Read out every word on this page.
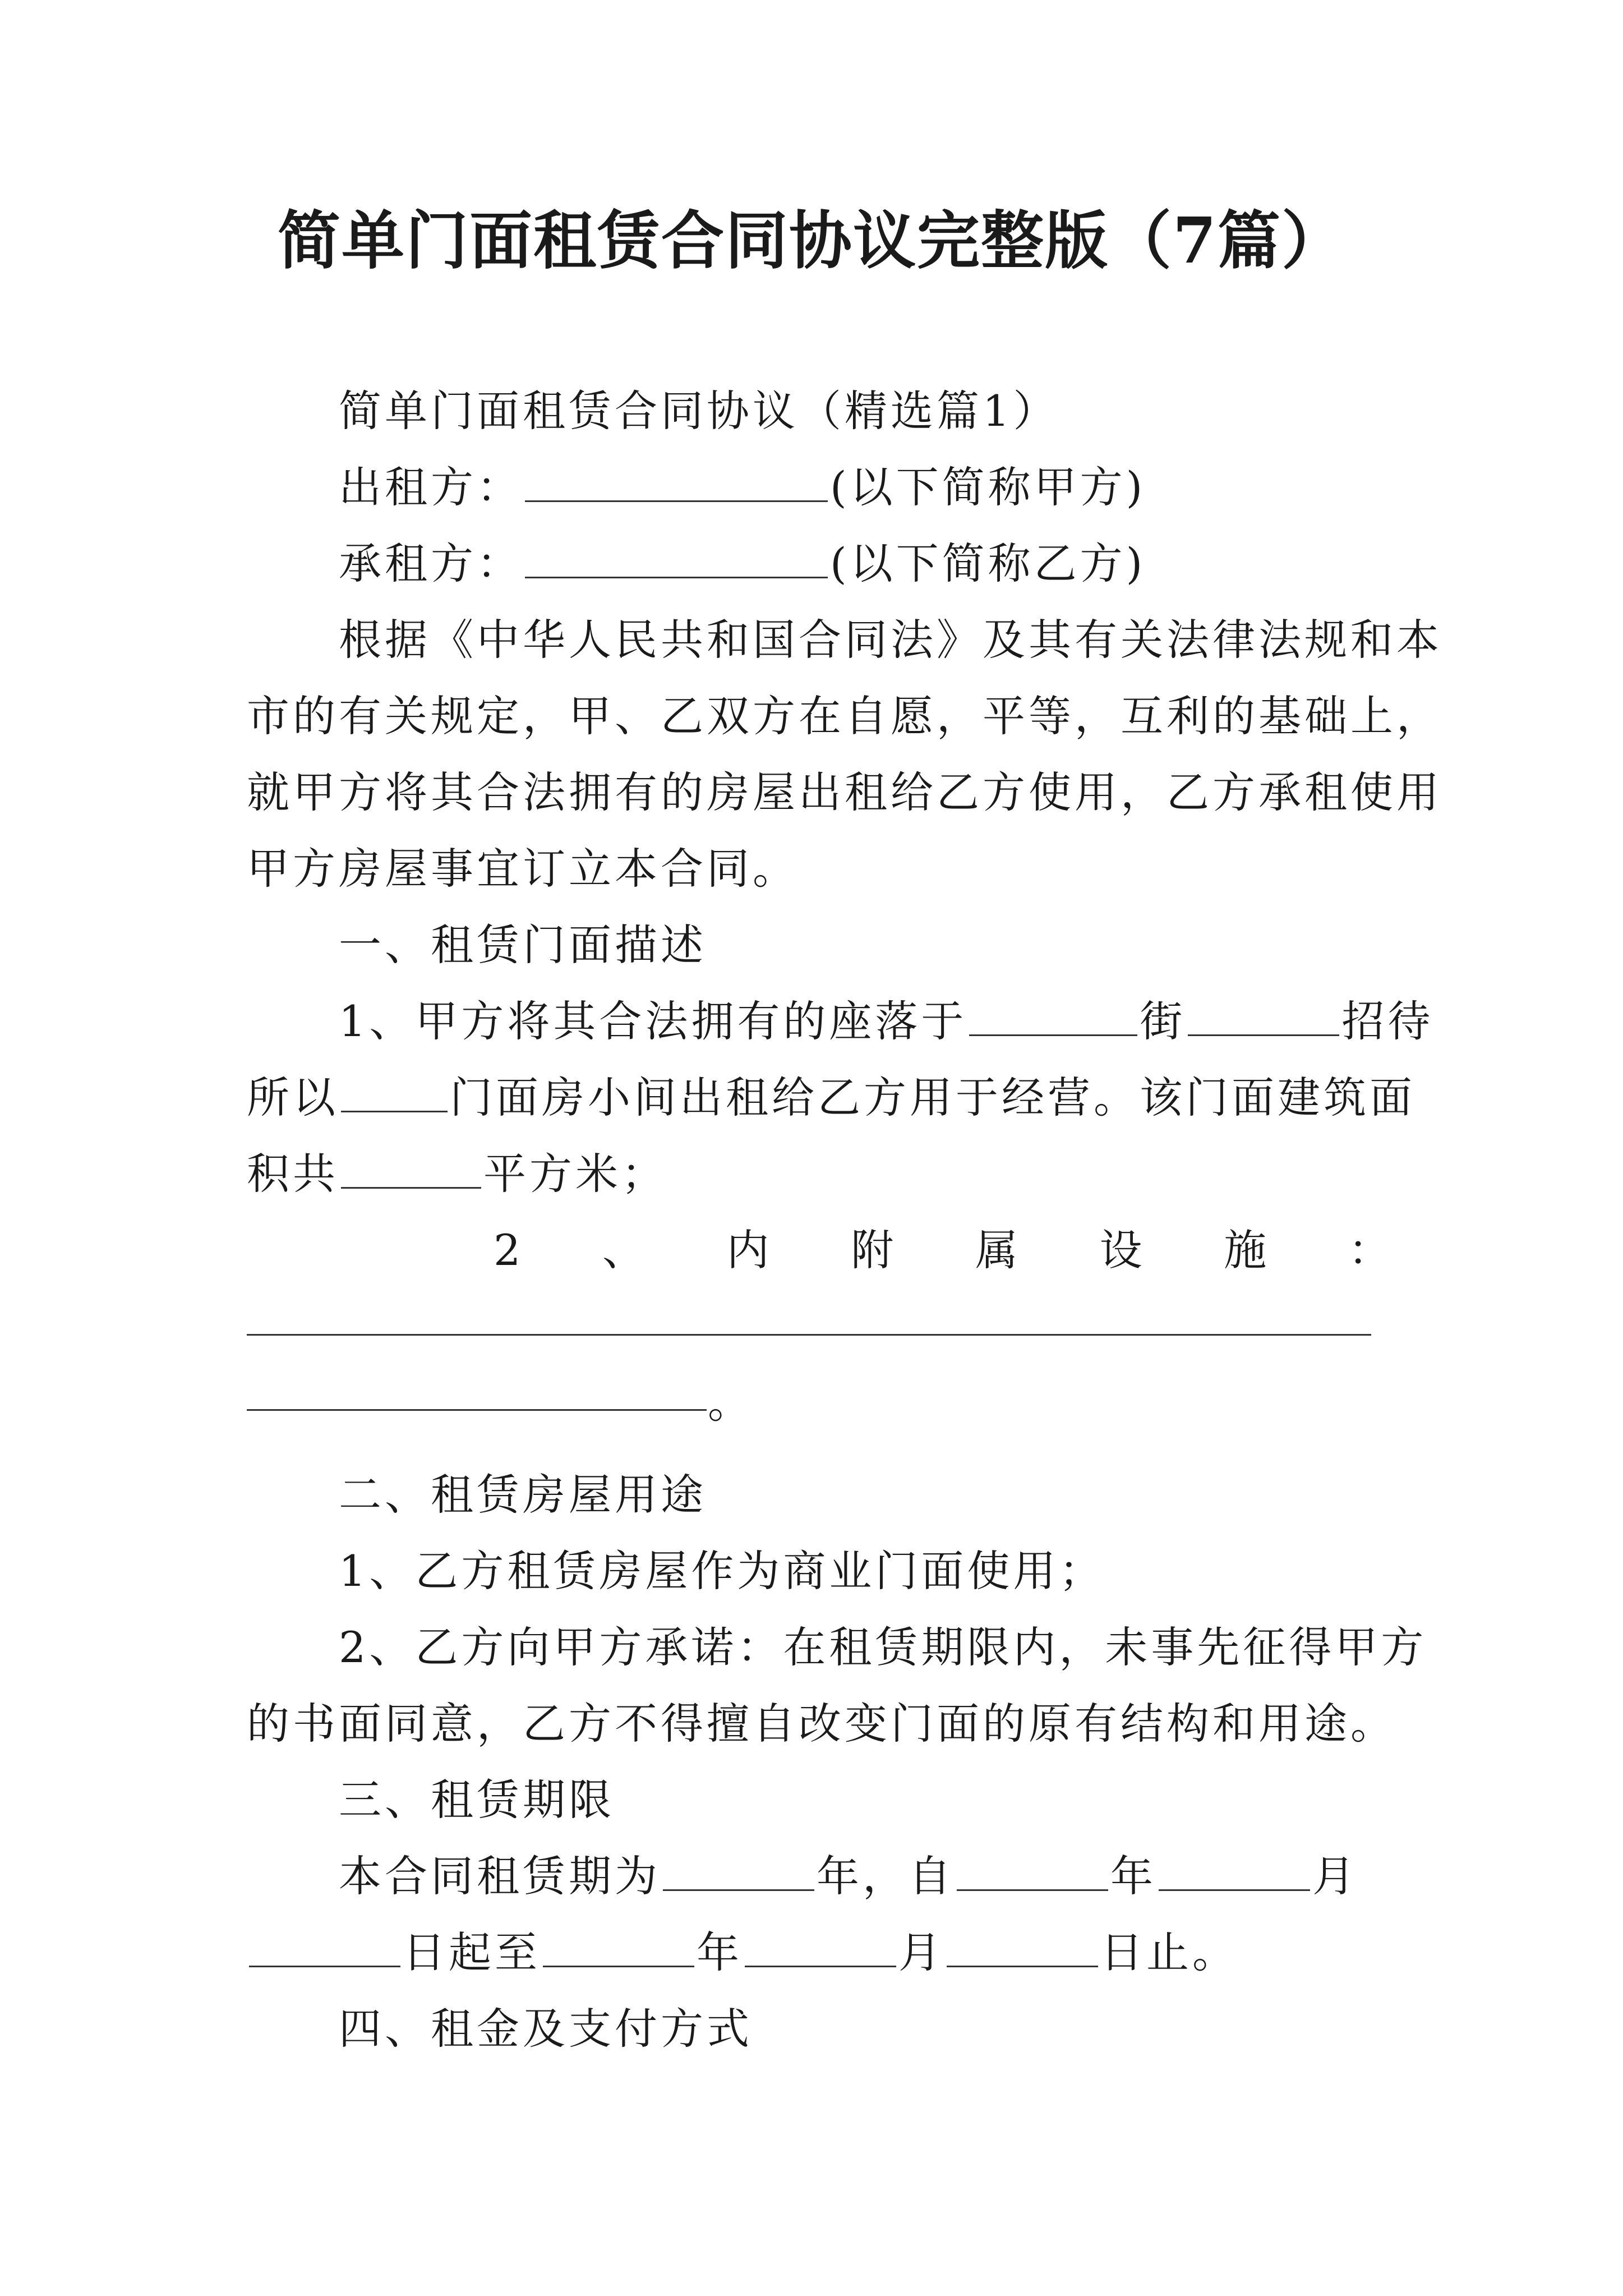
简单门面租赁合同协议完整版（7篇）
简单门面租赁合同协议（精选篇1）
出租方：	(以下简称甲方)
承租方：	(以下简称乙方)
根据《中华人民共和国合同法》及其有关法律法规和本
市的有关规定，甲、乙双方在自愿，平等，互利的基础上，
就甲方将其合法拥有的房屋出租给乙方使用，乙方承租使用
甲方房屋事宜订立本合同。
一、租赁门面描述
1、甲方将其合法拥有的座落于	街	招待
所以	门面房小间出租给乙方用于经营。该门面建筑面
积共	平方米；
2 、 内 附 属 设 施 ：
。
二、租赁房屋用途
1、乙方租赁房屋作为商业门面使用；
2、乙方向甲方承诺：在租赁期限内，未事先征得甲方
的书面同意，乙方不得擅自改变门面的原有结构和用途。
三、租赁期限
本合同租赁期为	年，自	年	月
日起至	年	月	日止。
四、租金及支付方式
